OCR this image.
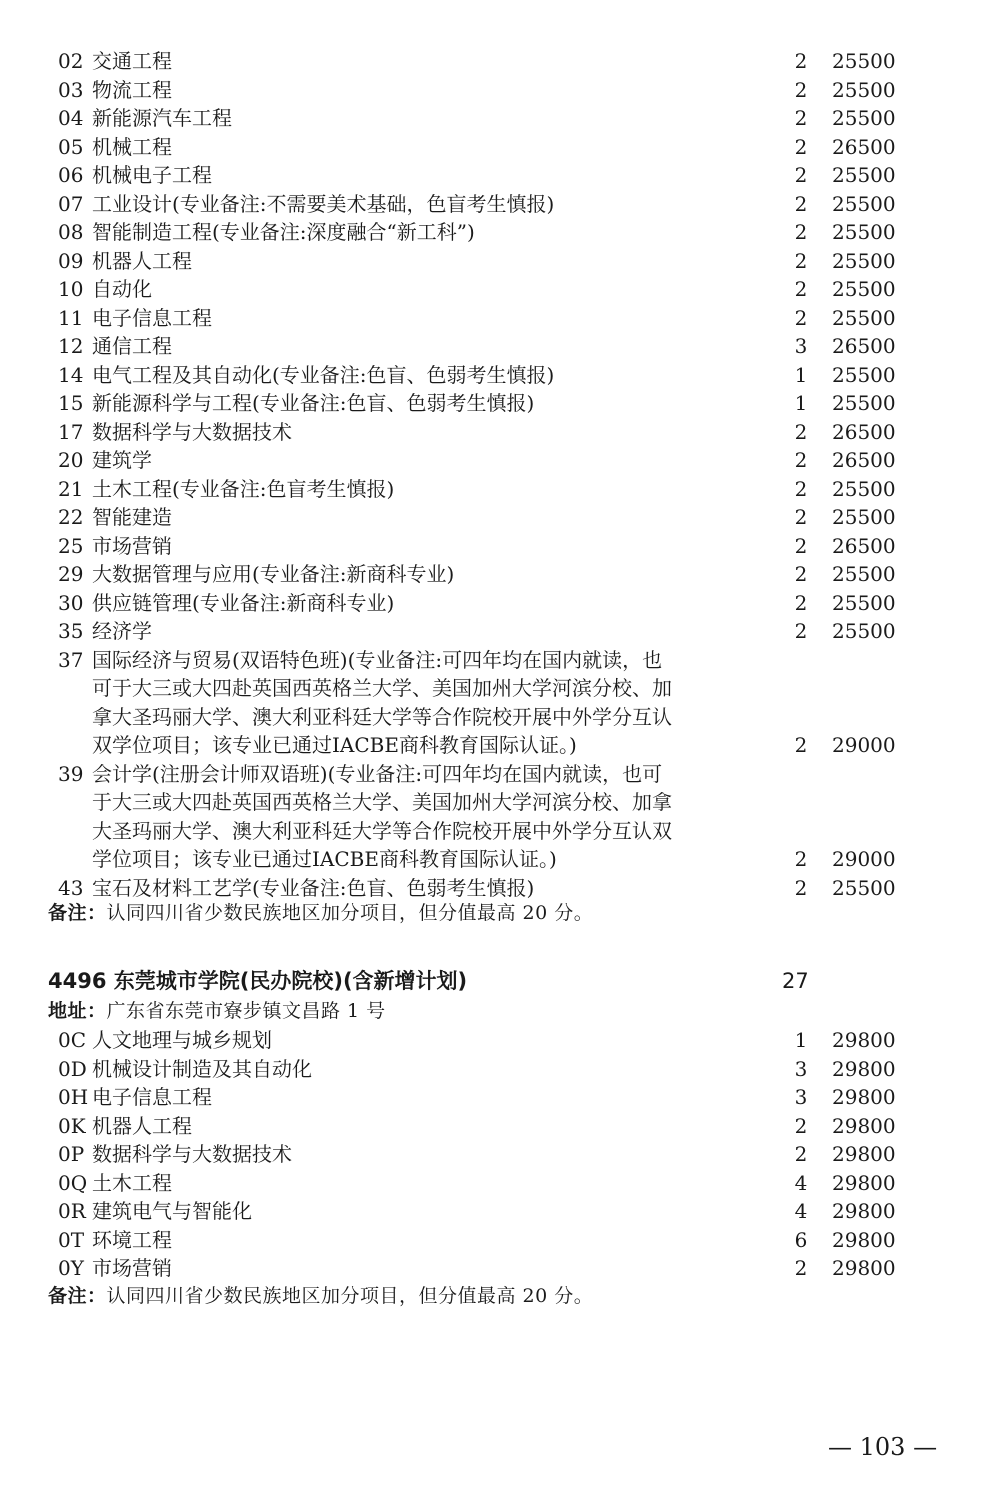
02 交通工程	2 25500
03 物流工程	2 25500
04 新能源汽车工程	2 25500
05 机械工程	2 26500
06 机械电子工程	2 25500
07 工业设计(专业备注:不需要美术基础，色盲考生慎报)	2 25500
08 智能制造工程(专业备注:深度融合“新工科”)	2 25500
09 机器人工程	2 25500
10 自动化	2 25500
11 电子信息工程	2 25500
12 通信工程	3 26500
14 电气工程及其自动化(专业备注:色盲、色弱考生慎报)	1 25500
15 新能源科学与工程(专业备注:色盲、色弱考生慎报)	1 25500
17 数据科学与大数据技术	2 26500
20 建筑学	2 26500
21 土木工程(专业备注:色盲考生慎报)	2 25500
22 智能建造	2 25500
25 市场营销	2 26500
29 大数据管理与应用(专业备注:新商科专业)	2 25500
30 供应链管理(专业备注:新商科专业)	2 25500
35 经济学	2 25500
37 国际经济与贸易(双语特色班)(专业备注:可四年均在国内就读，也
可于大三或大四赴英国西英格兰大学、美国加州大学河滨分校、加
拿大圣玛丽大学、澳大利亚科廷大学等合作院校开展中外学分互认
双学位项目；该专业已通过IACBE商科教育国际认证。)	2 29000
39 会计学(注册会计师双语班)(专业备注:可四年均在国内就读，也可
于大三或大四赴英国西英格兰大学、美国加州大学河滨分校、加拿
大圣玛丽大学、澳大利亚科廷大学等合作院校开展中外学分互认双
学位项目；该专业已通过IACBE商科教育国际认证。)	2 29000
43 宝石及材料工艺学(专业备注:色盲、色弱考生慎报)	2 25500
备注：认同四川省少数民族地区加分项目，但分值最高 20 分。
4496 东莞城市学院(民办院校)(含新增计划)	27
地址：广东省东莞市寮步镇文昌路 1 号
0C 人文地理与城乡规划	1 29800
0D 机械设计制造及其自动化	3 29800
0H 电子信息工程	3 29800
0K 机器人工程	2 29800
0P 数据科学与大数据技术	2 29800
0Q 土木工程	4 29800
0R 建筑电气与智能化	4 29800
0T 环境工程	6 29800
0Y 市场营销	2 29800
备注：认同四川省少数民族地区加分项目，但分值最高 20 分。
— 103 —
